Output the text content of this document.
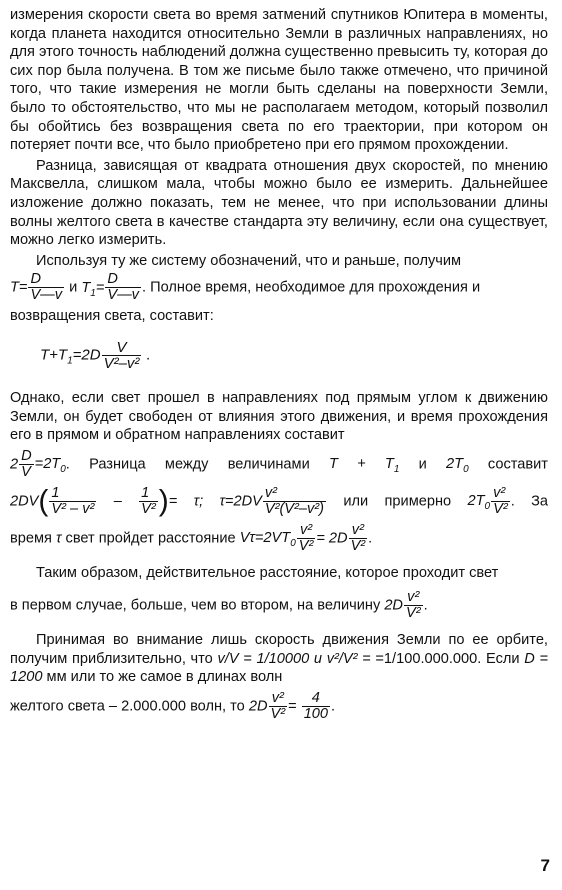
измерения скорости света во время затмений спутников Юпитера в моменты, когда планета находится относительно Земли в различных направлениях, но для этого точность наблюдений должна существенно превысить ту, которая до сих пор была получена. В том же письме было также отмечено, что причиной того, что такие измерения не могли быть сделаны на поверхности Земли, было то обстоятельство, что мы не располагаем методом, который позволил бы обойтись без возвращения света по его траектории, при котором он потеряет почти все, что было приобретено при его прямом прохождении.

Разница, зависящая от квадрата отношения двух скоростей, по мнению Максвелла, слишком мала, чтобы можно было ее измерить. Дальнейшее изложение должно показать, тем не менее, что при использовании длины волны желтого света в качестве стандарта эту величину, если она существует, можно легко измерить.

Используя ту же систему обозначений, что и раньше, получим

$T= \frac{D}{V—v}$ и $T_1= \frac{D}{V—v}$ . Полное время, необходимое для прохождения и

возвращения света, составит:

$T+T_1=2D \frac{V}{\text{V²–v²}}$ .

Однако, если свет прошел в направлениях под прямым углом к движению Земли, он будет свободен от влияния этого движения, и время прохождения его в прямом и обратном направлениях составит

$2 \frac{D}{V} =2T_0$. Разница между величинами $T + T_1$ и $2T_0$ составит

$2DV( \frac{1}{\text{V² – v²}} - \frac{1}{\text{V²}}$ )= τ; $\tau=2DV \frac{\text{v²}}{\text{V²(V²–v²)}}$ или примерно $2T_0 \frac{\text{v²}}{\text{V²}}$ . За

время τ свет пройдет расстояние $V\tau=2VT_0 \frac{\text{v²}}{\text{V²}} = 2D \frac{\text{v²}}{\text{V²}}$ .

Таким образом, действительное расстояние, которое проходит свет

в первом случае, больше, чем во втором, на величину $2D \frac{\text{v²}}{\text{V²}}$ .

Принимая во внимание лишь скорость движения Земли по ее орбите, получим приблизительно, что v/V = 1/10000 и v²/V² = =1/100.000.000. Если D = 1200 мм или то же самое в длинах волн

желтого света – 2.000.000 волн, то $2D \frac{\text{v²}}{\text{V²}} = \frac{4}{100}$ .

7
